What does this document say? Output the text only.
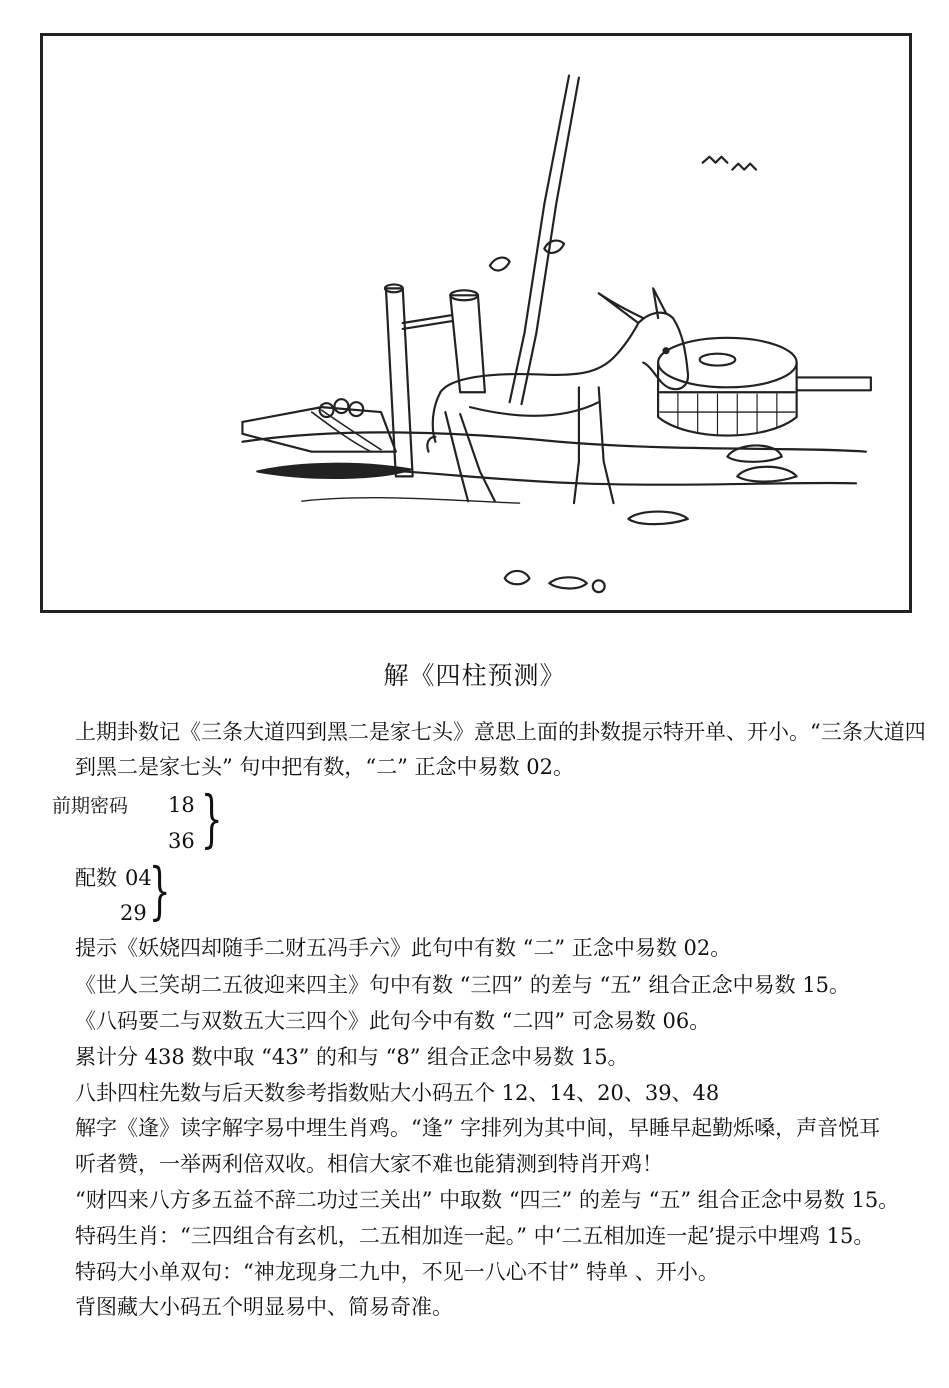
解《四柱预测》
上期卦数记《三条大道四到黑二是家七头》意思上面的卦数提示特开单、开小。“三条大道四
到黑二是家七头” 句中把有数，“二” 正念中易数 02。
前期密码 18
36 }
配数 04
29 }
提示《妖娆四却随手二财五冯手六》此句中有数 “二” 正念中易数 02。
《世人三笑胡二五彼迎来四主》句中有数 “三四” 的差与 “五” 组合正念中易数 15。
《八码要二与双数五大三四个》此句今中有数 “二四” 可念易数 06。
累计分 438 数中取 “43” 的和与 “8” 组合正念中易数 15。
八卦四柱先数与后天数参考指数贴大小码五个 12、14、20、39、48
解字《逢》读字解字易中埋生肖鸡。“逢” 字排列为其中间，早睡早起勤烁嗓，声音悦耳
听者赞，一举两利倍双收。相信大家不难也能猜测到特肖开鸡！
“财四来八方多五益不辞二功过三关出” 中取数 “四三” 的差与 “五” 组合正念中易数 15。
特码生肖：“三四组合有玄机，二五相加连一起。” 中‘二五相加连一起’提示中埋鸡 15。
特码大小单双句：“神龙现身二九中，不见一八心不甘” 特单 、开小。
背图藏大小码五个明显易中、简易奇准。
